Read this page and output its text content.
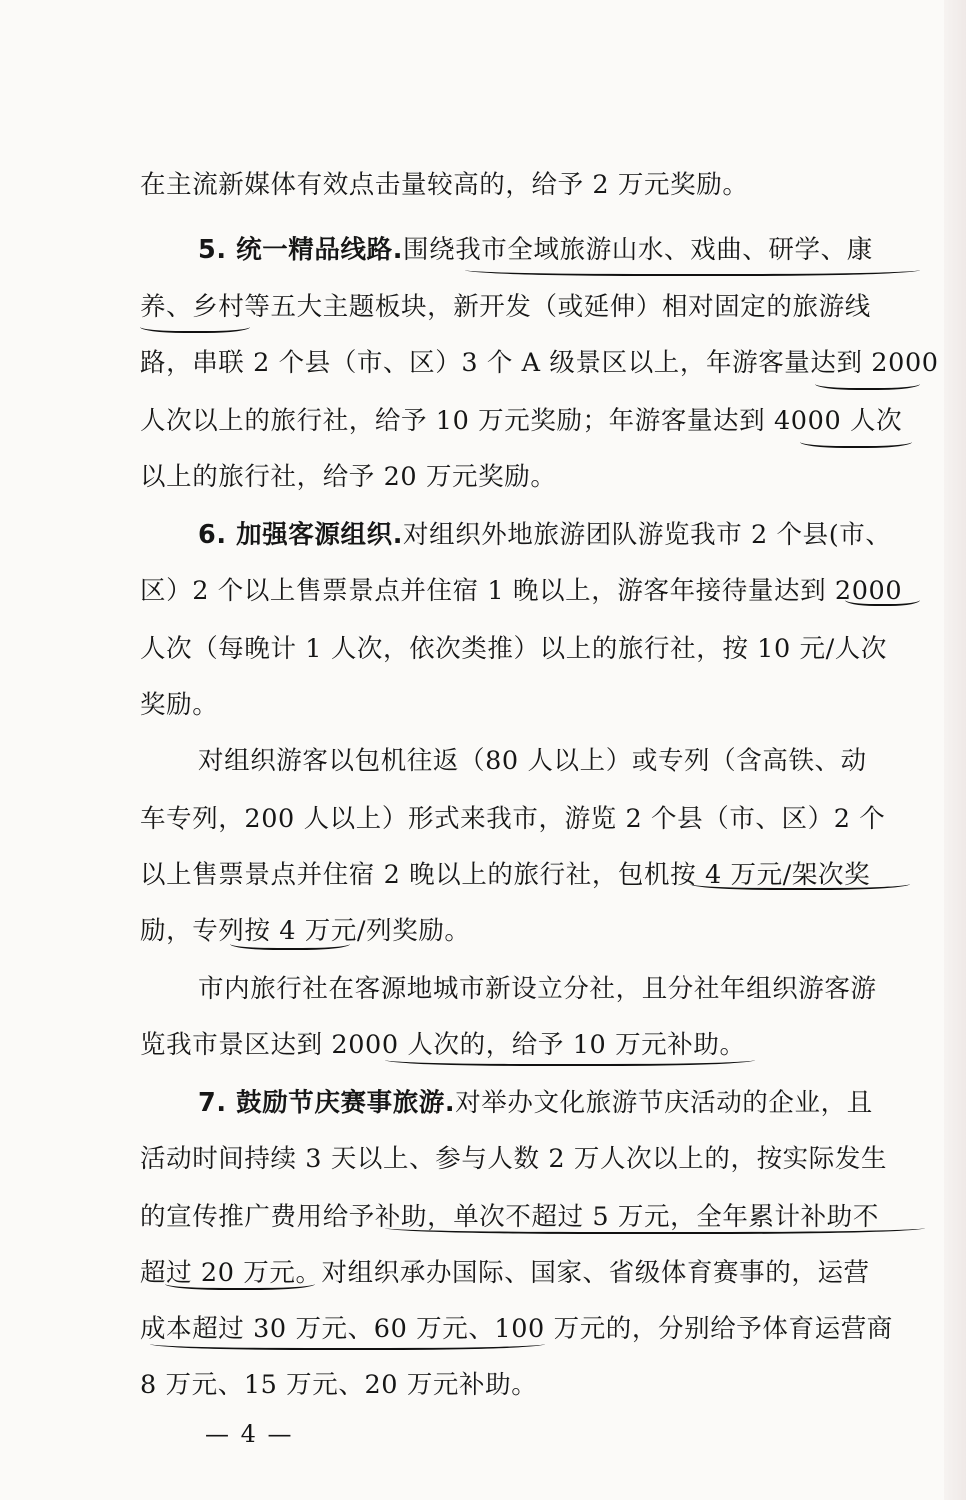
在主流新媒体有效点击量较高的，给予 2 万元奖励。
5. 统一精品线路.围绕我市全域旅游山水、戏曲、研学、康
养、乡村等五大主题板块，新开发（或延伸）相对固定的旅游线
路，串联 2 个县（市、区）3 个 A 级景区以上，年游客量达到 2000
人次以上的旅行社，给予 10 万元奖励；年游客量达到 4000 人次
以上的旅行社，给予 20 万元奖励。
6. 加强客源组织.对组织外地旅游团队游览我市 2 个县(市、
区）2 个以上售票景点并住宿 1 晚以上，游客年接待量达到 2000
人次（每晚计 1 人次，依次类推）以上的旅行社，按 10 元/人次
奖励。
对组织游客以包机往返（80 人以上）或专列（含高铁、动
车专列，200 人以上）形式来我市，游览 2 个县（市、区）2 个
以上售票景点并住宿 2 晚以上的旅行社，包机按 4 万元/架次奖
励，专列按 4 万元/列奖励。
市内旅行社在客源地城市新设立分社，且分社年组织游客游
览我市景区达到 2000 人次的，给予 10 万元补助。
7. 鼓励节庆赛事旅游.对举办文化旅游节庆活动的企业，且
活动时间持续 3 天以上、参与人数 2 万人次以上的，按实际发生
的宣传推广费用给予补助，单次不超过 5 万元，全年累计补助不
超过 20 万元。对组织承办国际、国家、省级体育赛事的，运营
成本超过 30 万元、60 万元、100 万元的，分别给予体育运营商
8 万元、15 万元、20 万元补助。
— 4 —
